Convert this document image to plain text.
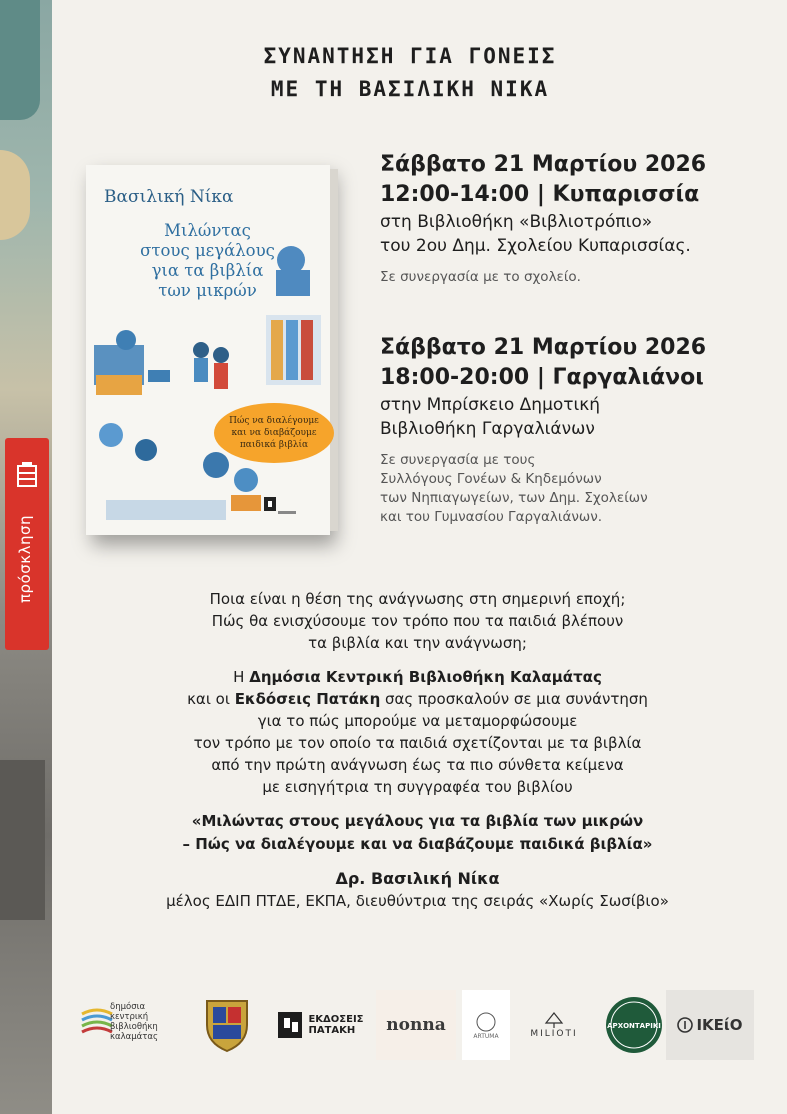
πρόσκληση
ΣΥΝΑΝΤΗΣΗ ΓΙΑ ΓΟΝΕΙΣ
ΜΕ ΤΗ ΒΑΣΙΛΙΚΗ ΝΙΚΑ
Βασιλική Νίκα
Μιλώντας
στους μεγάλους
για τα βιβλία
των μικρών
Πώς να διαλέγουμε
και να διαβάζουμε
παιδικά βιβλία
Σάββατο 21 Μαρτίου 2026
12:00-14:00 | Κυπαρισσία
στη Βιβλιοθήκη «Βιβλιοτρόπιο»
του 2ου Δημ. Σχολείου Κυπαρισσίας.
Σε συνεργασία με το σχολείο.
Σάββατο 21 Μαρτίου 2026
18:00-20:00 | Γαργαλιάνοι
στην Μπρίσκειο Δημοτική
Βιβλιοθήκη Γαργαλιάνων
Σε συνεργασία με τους
Συλλόγους Γονέων & Κηδεμόνων
των Νηπιαγωγείων, των Δημ. Σχολείων
και του Γυμνασίου Γαργαλιάνων.

Ποια είναι η θέση της ανάγνωσης στη σημερινή εποχή;

Πώς θα ενισχύσουμε τον τρόπο που τα παιδιά βλέπουν

τα βιβλία και την ανάγνωση;

Η Δημόσια Κεντρική Βιβλιοθήκη Καλαμάτας

και οι Εκδόσεις Πατάκη σας προσκαλούν σε μια συνάντηση

για το πώς μπορούμε να μεταμορφώσουμε

τον τρόπο με τον οποίο τα παιδιά σχετίζονται με τα βιβλία

από την πρώτη ανάγνωση έως τα πιο σύνθετα κείμενα

με εισηγήτρια τη συγγραφέα του βιβλίου

«Μιλώντας στους μεγάλους για τα βιβλία των μικρών

– Πώς να διαλέγουμε και να διαβάζουμε παιδικά βιβλία»

Δρ. Βασιλική Νίκα

μέλος ΕΔΙΠ ΠΤΔΕ, ΕΚΠΑ, διευθύντρια της σειράς «Χωρίς Σωσίβιο»

δημόσια
κεντρική
βιβλιοθήκη
καλαμάτας
ΕΚΔΟΣΕΙΣ
ΠΑΤΑΚΗ	nonna
ARTUMA	MILIOTI
ΑΡΧΟΝΤΑΡΙΚΙ ΙΚΕίΟ
